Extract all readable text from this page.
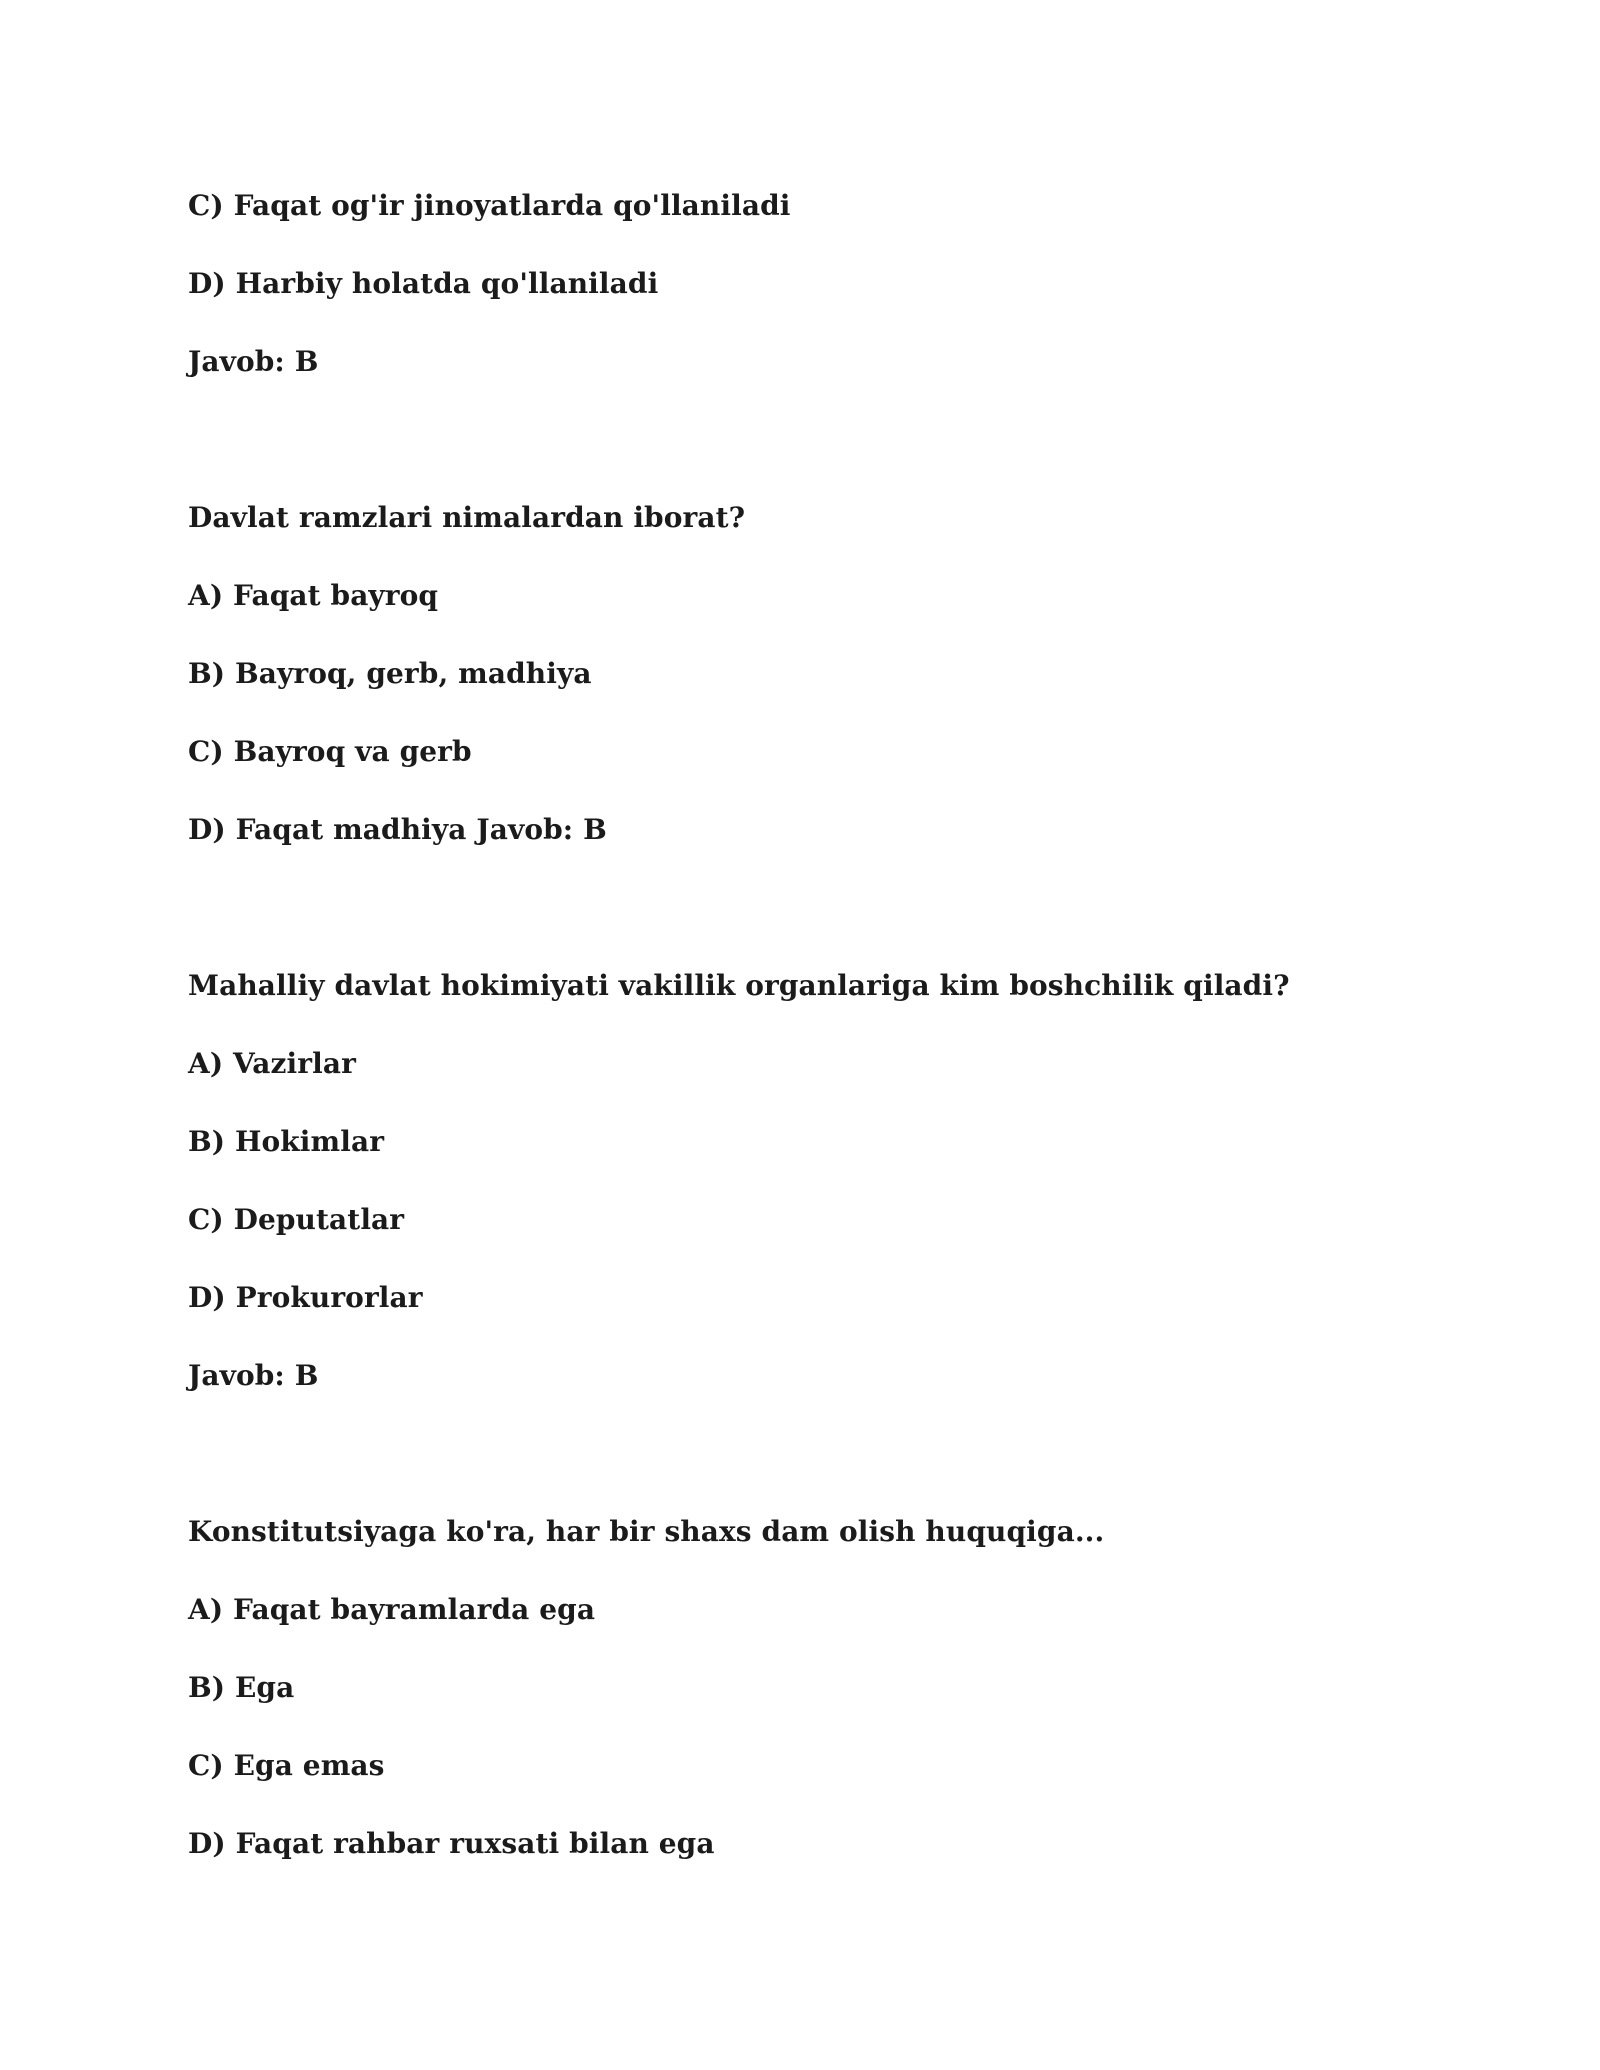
C) Faqat og'ir jinoyatlarda qo'llaniladi

D) Harbiy holatda qo'llaniladi

Javob: B

Davlat ramzlari nimalardan iborat?

A) Faqat bayroq

B) Bayroq, gerb, madhiya

C) Bayroq va gerb

D) Faqat madhiya Javob: B

Mahalliy davlat hokimiyati vakillik organlariga kim boshchilik qiladi?

A) Vazirlar

B) Hokimlar

C) Deputatlar

D) Prokurorlar

Javob: B

Konstitutsiyaga ko'ra, har bir shaxs dam olish huquqiga...

A) Faqat bayramlarda ega

B) Ega

C) Ega emas

D) Faqat rahbar ruxsati bilan ega
